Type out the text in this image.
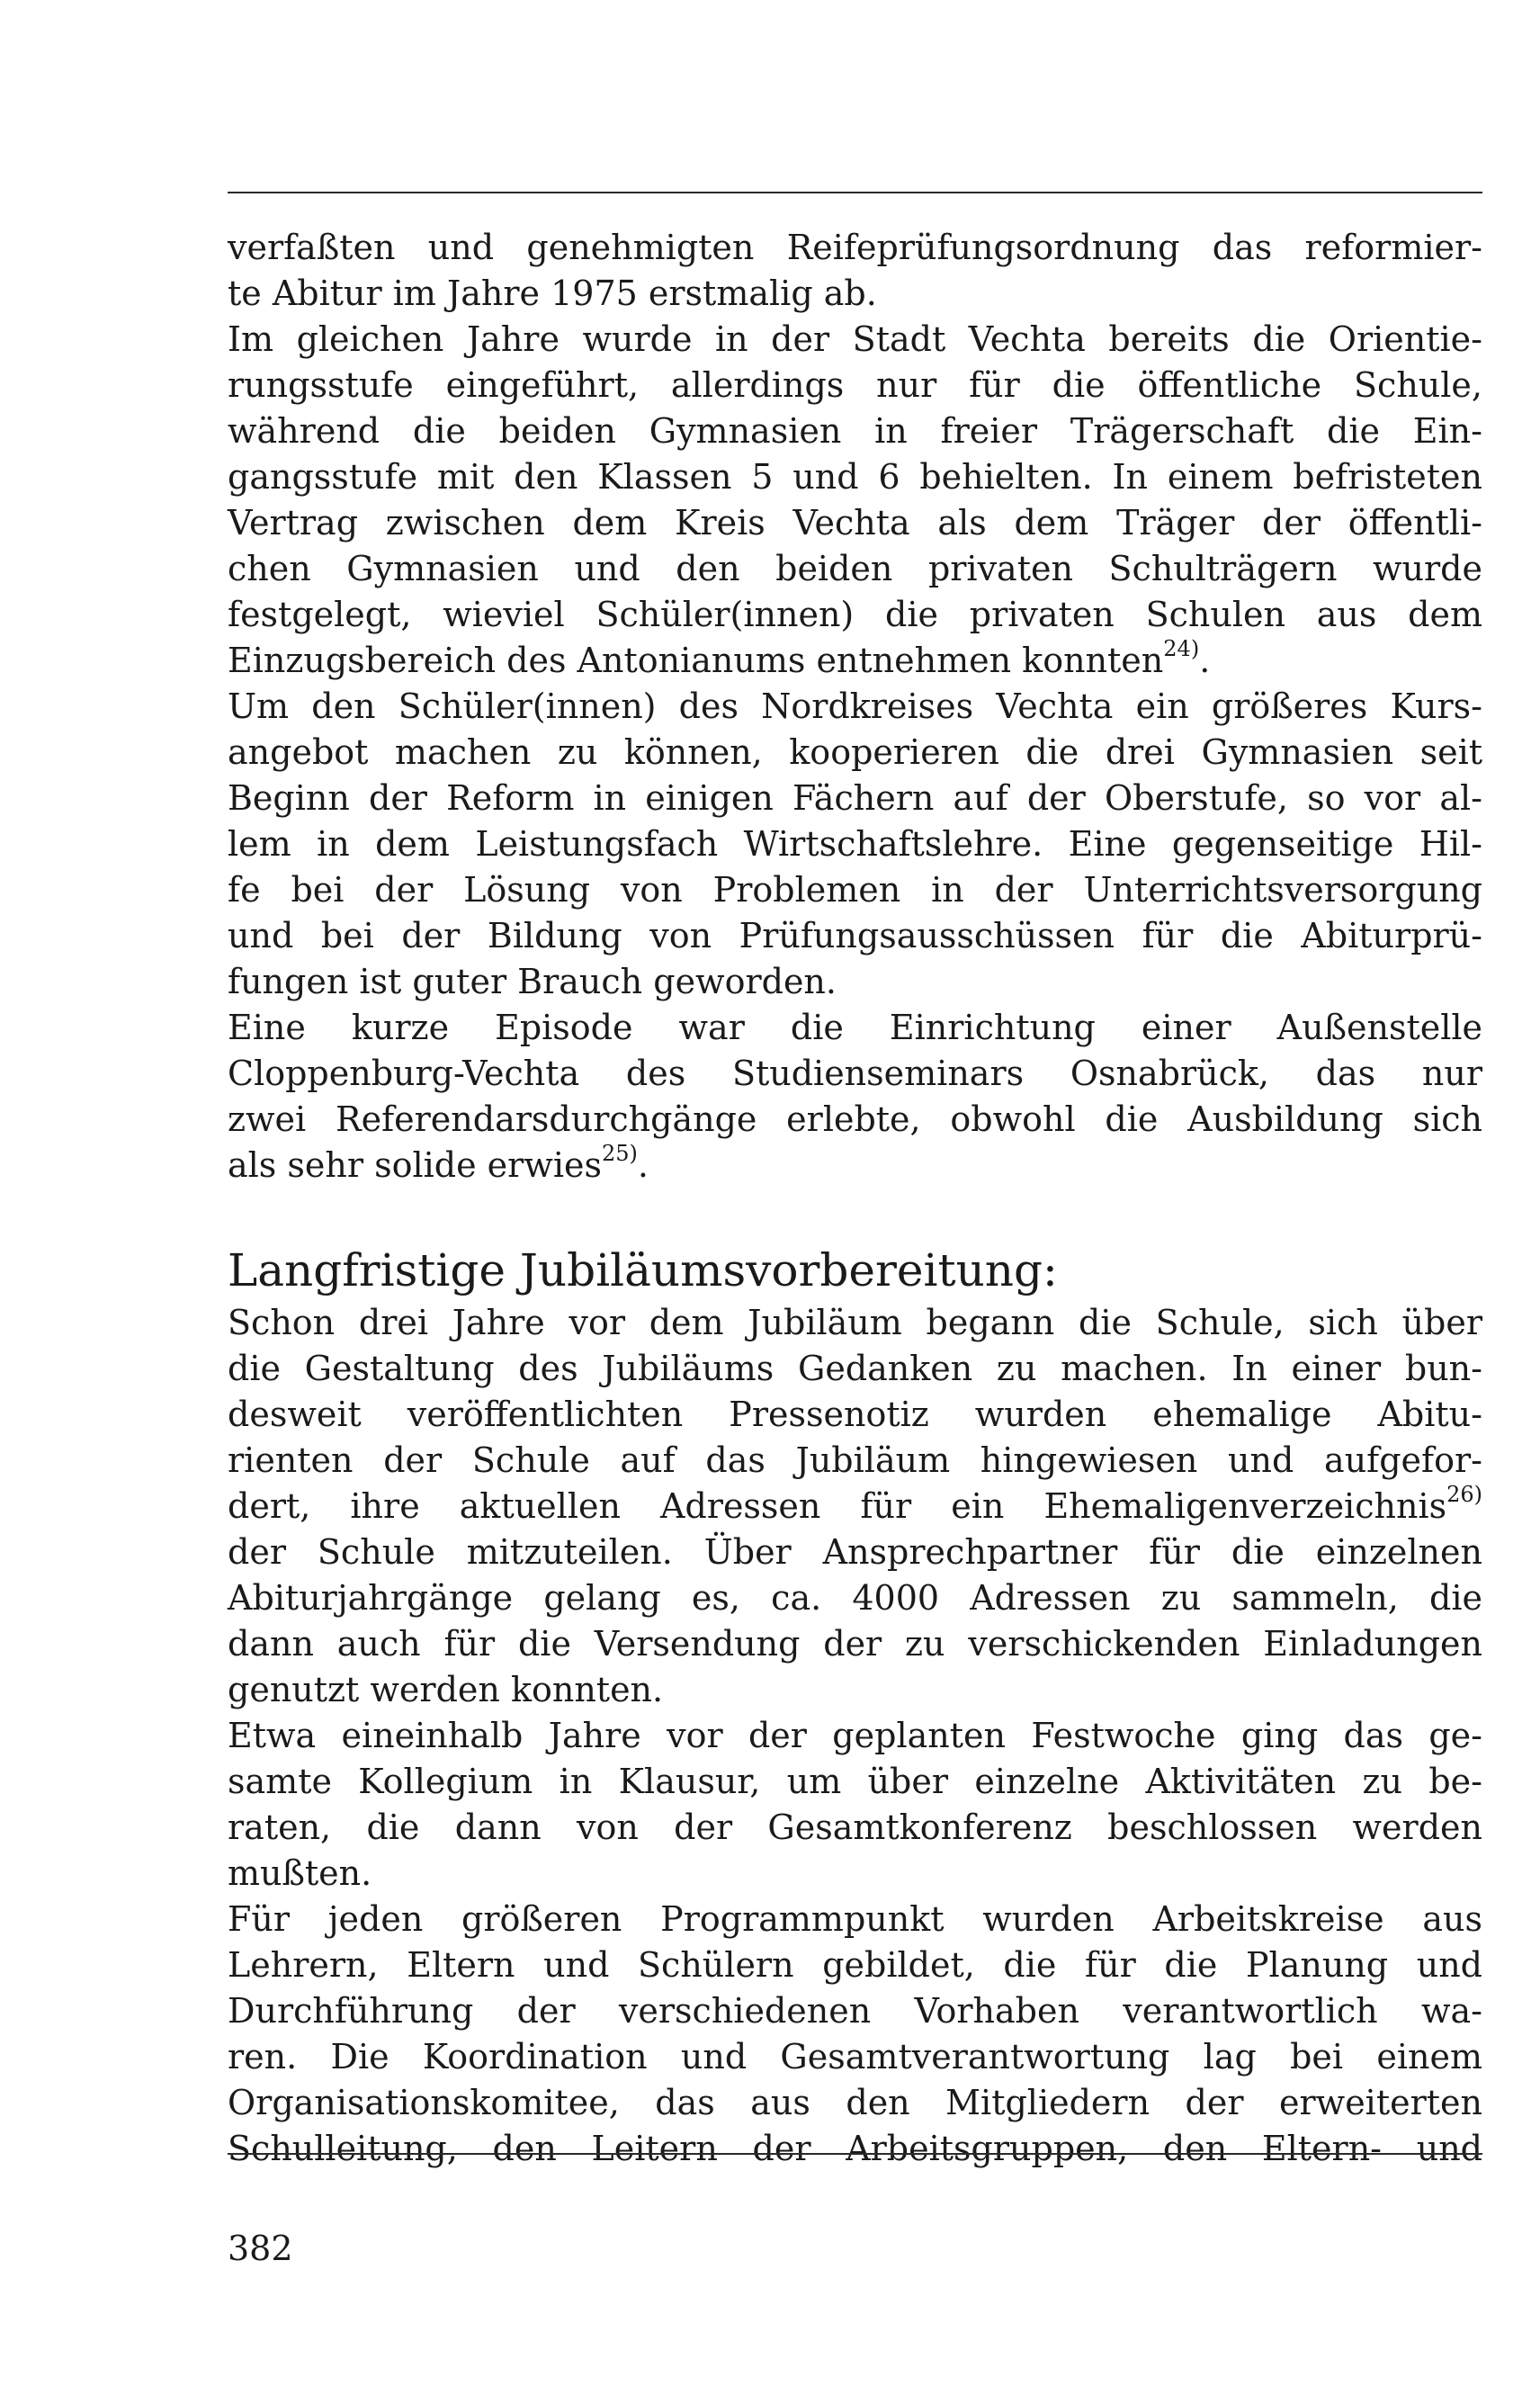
verfaßten und genehmigten Reifeprüfungsordnung das reformier-
te Abitur im Jahre 1975 erstmalig ab.

Im gleichen Jahre wurde in der Stadt Vechta bereits die Orientie-
rungsstufe eingeführt, allerdings nur für die öffentliche Schule,
während die beiden Gymnasien in freier Trägerschaft die Ein-
gangsstufe mit den Klassen 5 und 6 behielten. In einem befristeten
Vertrag zwischen dem Kreis Vechta als dem Träger der öffentli-
chen Gymnasien und den beiden privaten Schulträgern wurde
festgelegt, wieviel Schüler(innen) die privaten Schulen aus dem
Einzugsbereich des Antonianums entnehmen konnten$^{24)}$.

Um den Schüler(innen) des Nordkreises Vechta ein größeres Kurs-
angebot machen zu können, kooperieren die drei Gymnasien seit
Beginn der Reform in einigen Fächern auf der Oberstufe, so vor al-
lem in dem Leistungsfach Wirtschaftslehre. Eine gegenseitige Hil-
fe bei der Lösung von Problemen in der Unterrichtsversorgung
und bei der Bildung von Prüfungsausschüssen für die Abiturprü-
fungen ist guter Brauch geworden.

Eine kurze Episode war die Einrichtung einer Außenstelle
Cloppenburg-Vechta des Studienseminars Osnabrück, das nur
zwei Referendarsdurchgänge erlebte, obwohl die Ausbildung sich
als sehr solide erwies$^{25)}$.

Langfristige Jubiläumsvorbereitung:

Schon drei Jahre vor dem Jubiläum begann die Schule, sich über
die Gestaltung des Jubiläums Gedanken zu machen. In einer bun-
desweit veröffentlichten Pressenotiz wurden ehemalige Abitu-
rienten der Schule auf das Jubiläum hingewiesen und aufgefor-
dert, ihre aktuellen Adressen für ein Ehemaligenverzeichnis$^{26)}$
der Schule mitzuteilen. Über Ansprechpartner für die einzelnen
Abiturjahrgänge gelang es, ca. 4000 Adressen zu sammeln, die
dann auch für die Versendung der zu verschickenden Einladungen
genutzt werden konnten.

Etwa eineinhalb Jahre vor der geplanten Festwoche ging das ge-
samte Kollegium in Klausur, um über einzelne Aktivitäten zu be-
raten, die dann von der Gesamtkonferenz beschlossen werden
mußten.

Für jeden größeren Programmpunkt wurden Arbeitskreise aus
Lehrern, Eltern und Schülern gebildet, die für die Planung und
Durchführung der verschiedenen Vorhaben verantwortlich wa-
ren. Die Koordination und Gesamtverantwortung lag bei einem
Organisationskomitee, das aus den Mitgliedern der erweiterten
Schulleitung, den Leitern der Arbeitsgruppen, den Eltern- und

382
